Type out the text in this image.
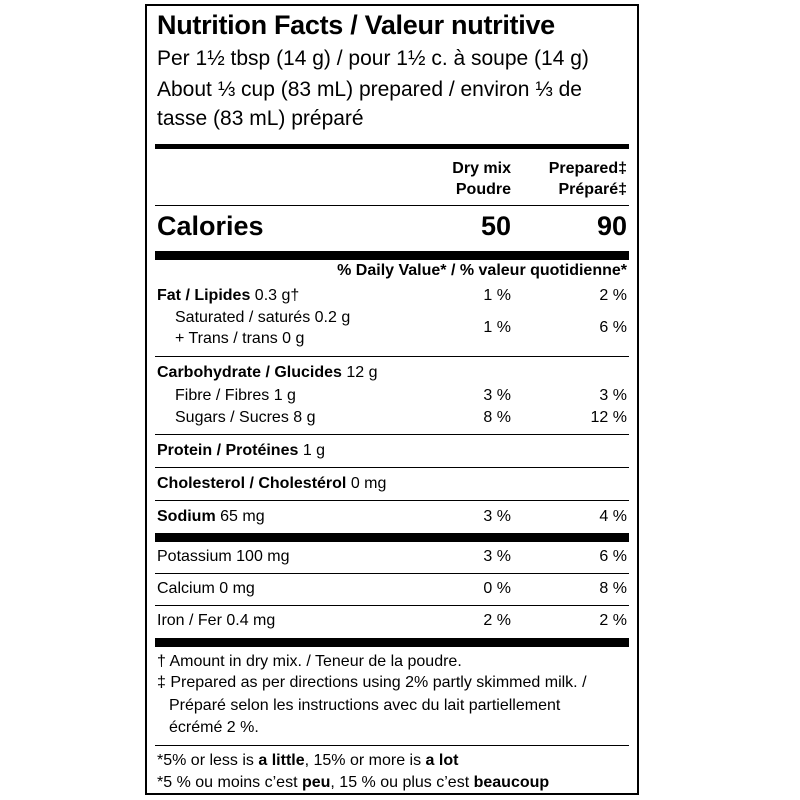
Nutrition Facts / Valeur nutritive
Per 1½ tbsp (14 g) / pour 1½ c. à soupe (14 g)
About ⅓ cup (83 mL) prepared / environ ⅓ de
tasse (83 mL) préparé
Dry mix
Poudre
Prepared‡
Préparé‡
Calories	50	90
% Daily Value* / % valeur quotidienne*
Fat / Lipides 0.3 g†	1 %	2 %
Saturated / saturés 0.2 g
+ Trans / trans 0 g
1 %	6 %
Carbohydrate / Glucides 12 g
Fibre / Fibres 1 g	3 %	3 %
Sugars / Sucres 8 g	8 %	12 %
Protein / Protéines 1 g
Cholesterol / Cholestérol 0 mg
Sodium 65 mg	3 %	4 %
Potassium 100 mg	3 %	6 %
Calcium 0 mg	0 %	8 %
Iron / Fer 0.4 mg	2 %	2 %
† Amount in dry mix. / Teneur de la poudre.
‡ Prepared as per directions using 2% partly skimmed milk. /
Préparé selon les instructions avec du lait partiellement
écrémé 2 %.
*5% or less is a little, 15% or more is a lot
*5 % ou moins c’est peu, 15 % ou plus c’est beaucoup
